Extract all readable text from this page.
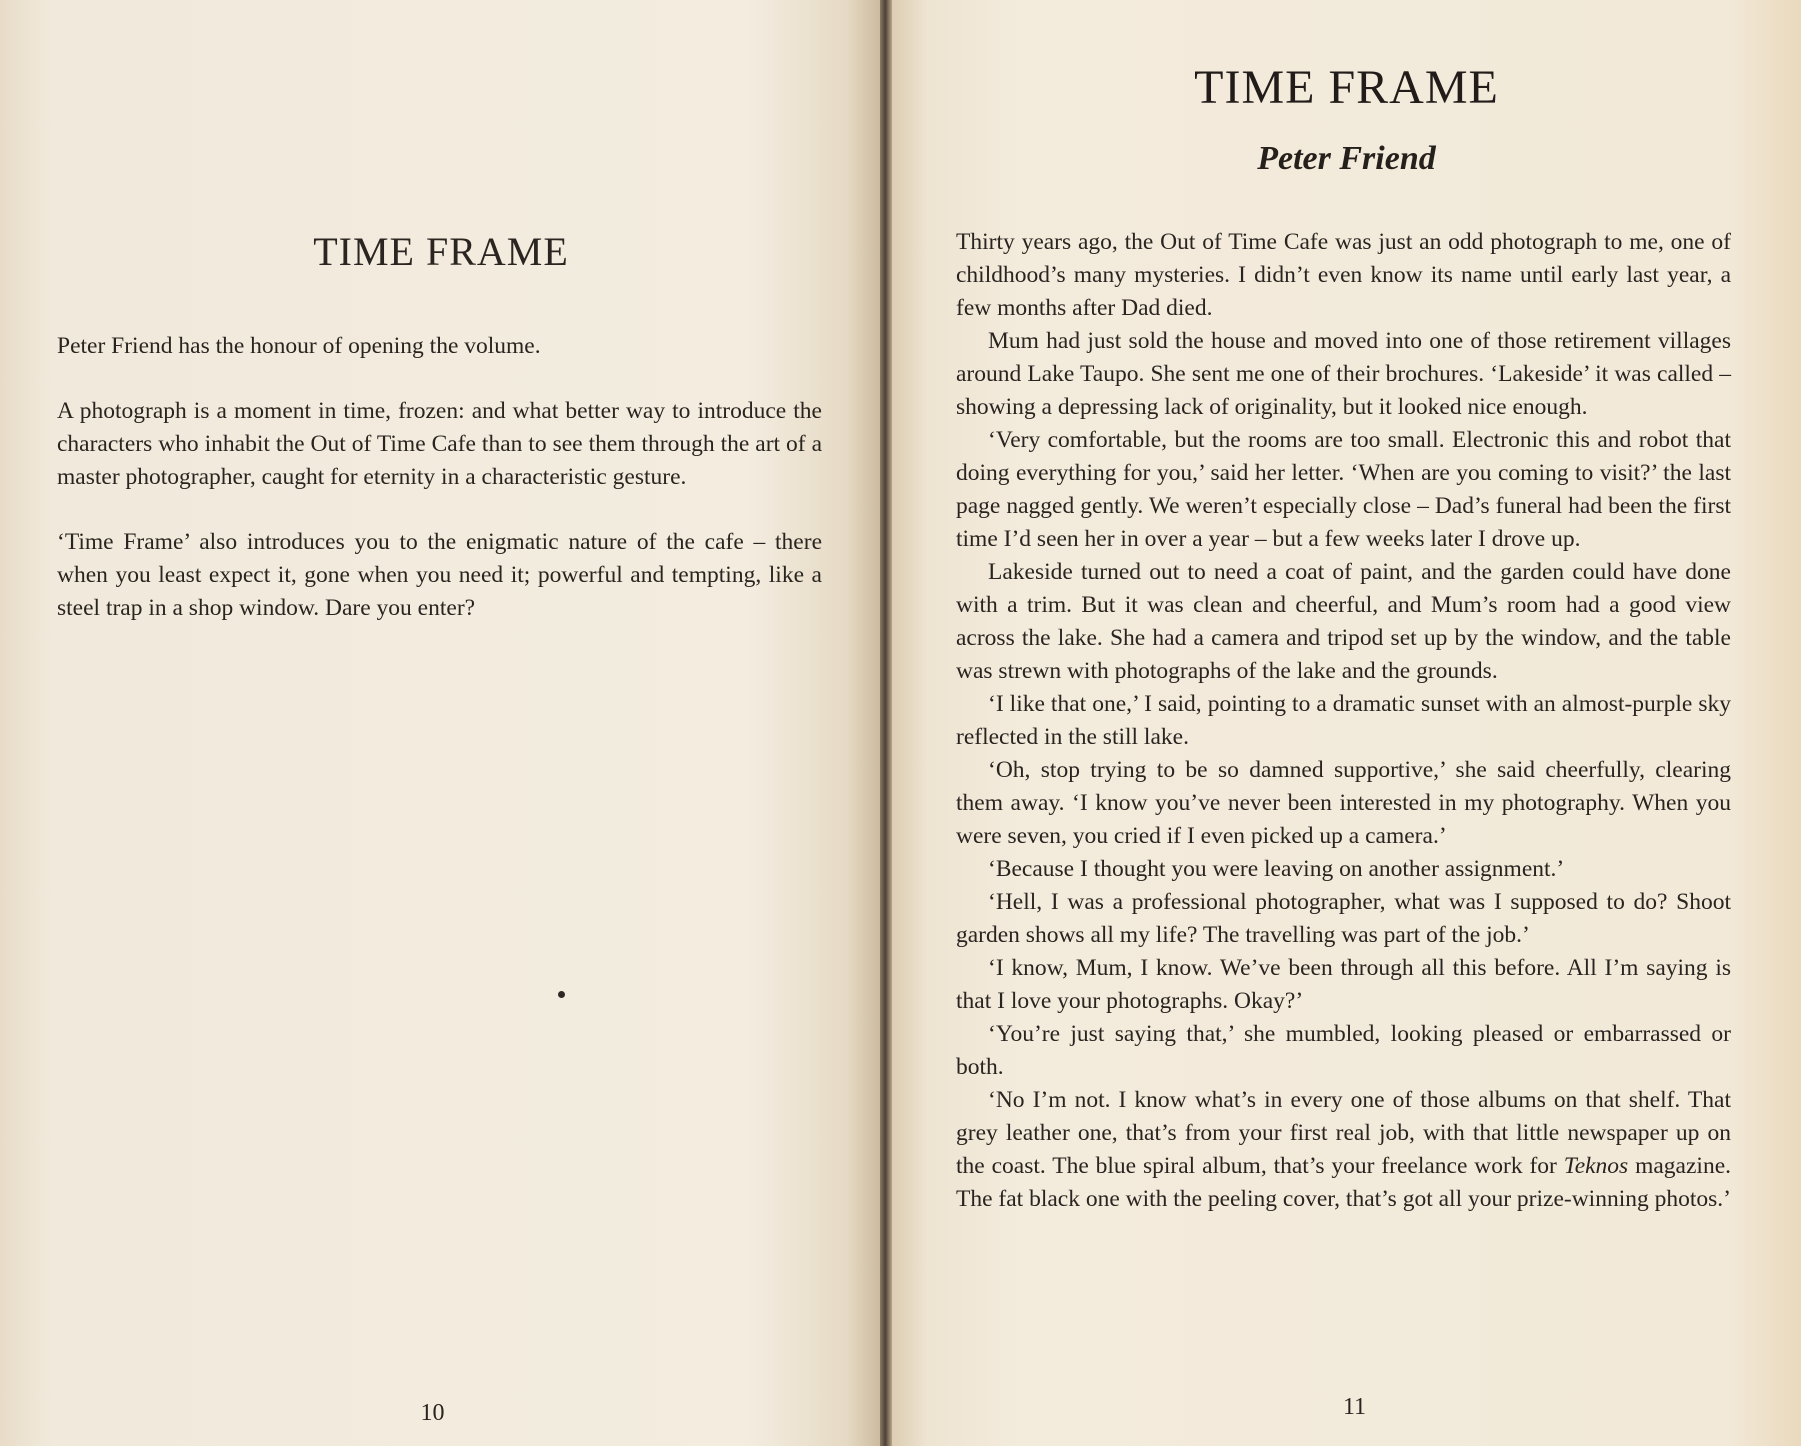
TIME FRAME

Peter Friend has the honour of opening the volume.

A photograph is a moment in time, frozen: and what better way to introduce the characters who inhabit the Out of Time Cafe than to see them through the art of a master photographer, caught for eternity in a characteristic gesture.

‘Time Frame’ also introduces you to the enigmatic nature of the cafe – there when you least expect it, gone when you need it; powerful and tempting, like a steel trap in a shop window. Dare you enter?

10
TIME FRAME
Peter Friend

Thirty years ago, the Out of Time Cafe was just an odd photograph to me, one of childhood’s many mysteries. I didn’t even know its name until early last year, a few months after Dad died.

Mum had just sold the house and moved into one of those retirement villages around Lake Taupo. She sent me one of their brochures. ‘Lakeside’ it was called – showing a depressing lack of originality, but it looked nice enough.

‘Very comfortable, but the rooms are too small. Electronic this and robot that doing everything for you,’ said her letter. ‘When are you coming to visit?’ the last page nagged gently. We weren’t especially close – Dad’s funeral had been the first time I’d seen her in over a year – but a few weeks later I drove up.

Lakeside turned out to need a coat of paint, and the garden could have done with a trim. But it was clean and cheerful, and Mum’s room had a good view across the lake. She had a camera and tripod set up by the window, and the table was strewn with photographs of the lake and the grounds.

‘I like that one,’ I said, pointing to a dramatic sunset with an almost-purple sky reflected in the still lake.

‘Oh, stop trying to be so damned supportive,’ she said cheerfully, clearing them away. ‘I know you’ve never been interested in my photography. When you were seven, you cried if I even picked up a camera.’

‘Because I thought you were leaving on another assignment.’

‘Hell, I was a professional photographer, what was I supposed to do? Shoot garden shows all my life? The travelling was part of the job.’

‘I know, Mum, I know. We’ve been through all this before. All I’m saying is that I love your photographs. Okay?’

‘You’re just saying that,’ she mumbled, looking pleased or embarrassed or both.

‘No I’m not. I know what’s in every one of those albums on that shelf. That grey leather one, that’s from your first real job, with that little newspaper up on the coast. The blue spiral album, that’s your freelance work for Teknos magazine. The fat black one with the peeling cover, that’s got all your prize-winning photos.’

11
